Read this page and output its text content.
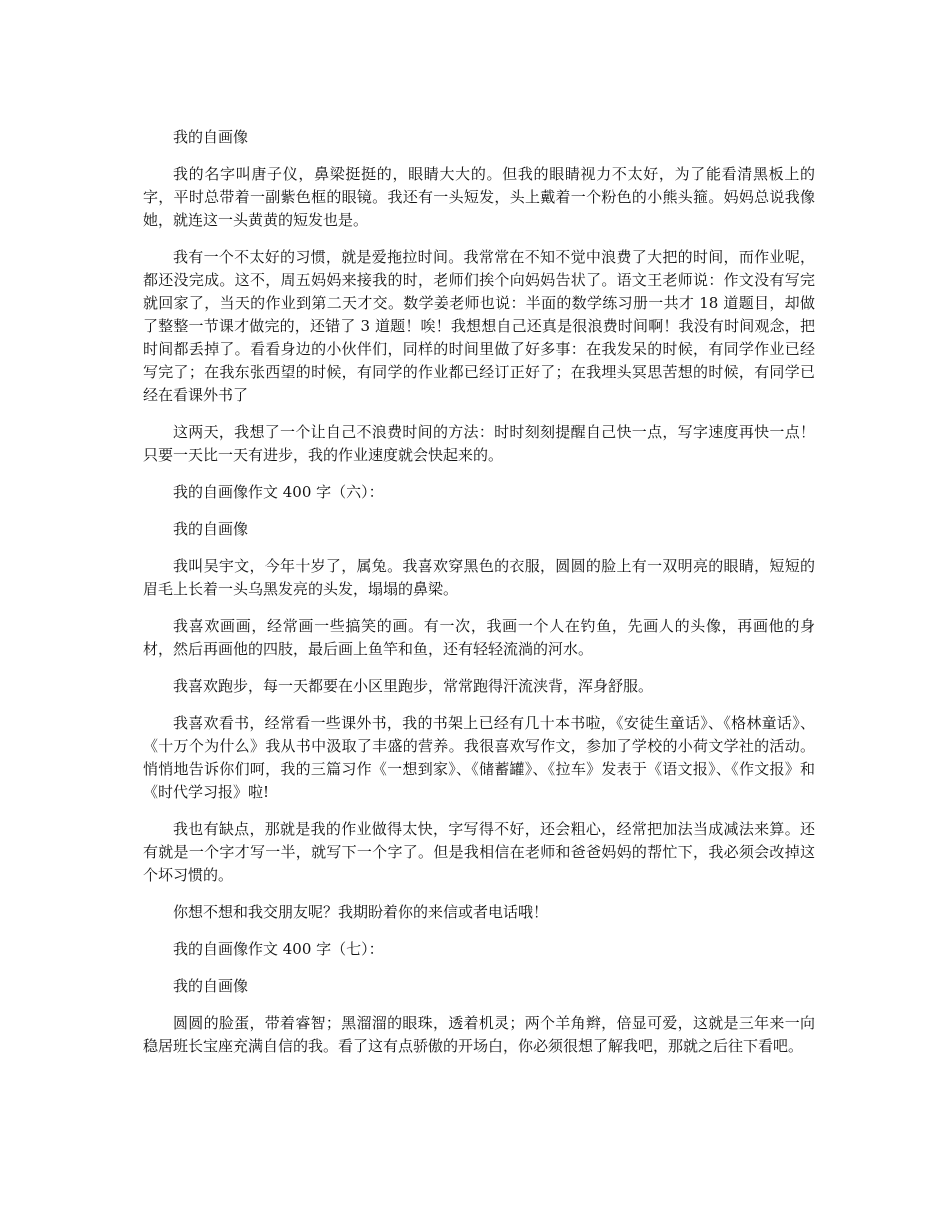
我的自画像

我的名字叫唐子仪，鼻梁挺挺的，眼睛大大的。但我的眼睛视力不太好，为了能看清黑板上的字，平时总带着一副紫色框的眼镜。我还有一头短发，头上戴着一个粉色的小熊头箍。妈妈总说我像她，就连这一头黄黄的短发也是。

我有一个不太好的习惯，就是爱拖拉时间。我常常在不知不觉中浪费了大把的时间，而作业呢，都还没完成。这不，周五妈妈来接我的时，老师们挨个向妈妈告状了。语文王老师说：作文没有写完就回家了，当天的作业到第二天才交。数学姜老师也说：半面的数学练习册一共才 18 道题目，却做了整整一节课才做完的，还错了 3 道题！唉！我想想自己还真是很浪费时间啊！我没有时间观念，把时间都丢掉了。看看身边的小伙伴们，同样的时间里做了好多事：在我发呆的时候，有同学作业已经写完了；在我东张西望的时候，有同学的作业都已经订正好了；在我埋头冥思苦想的时候，有同学已经在看课外书了

这两天，我想了一个让自己不浪费时间的方法：时时刻刻提醒自己快一点，写字速度再快一点！只要一天比一天有进步，我的作业速度就会快起来的。

我的自画像作文 400 字（六）：

我的自画像

我叫吴宇文，今年十岁了，属兔。我喜欢穿黑色的衣服，圆圆的脸上有一双明亮的眼睛，短短的眉毛上长着一头乌黑发亮的头发，塌塌的鼻梁。

我喜欢画画，经常画一些搞笑的画。有一次，我画一个人在钓鱼，先画人的头像，再画他的身材，然后再画他的四肢，最后画上鱼竿和鱼，还有轻轻流淌的河水。

我喜欢跑步，每一天都要在小区里跑步，常常跑得汗流浃背，浑身舒服。

我喜欢看书，经常看一些课外书，我的书架上已经有几十本书啦，《安徒生童话》、《格林童话》、《十万个为什么》我从书中汲取了丰盛的营养。我很喜欢写作文，参加了学校的小荷文学社的活动。悄悄地告诉你们呵，我的三篇习作《一想到家》、《储蓄罐》、《拉车》发表于《语文报》、《作文报》和《时代学习报》啦!

我也有缺点，那就是我的作业做得太快，字写得不好，还会粗心，经常把加法当成减法来算。还有就是一个字才写一半，就写下一个字了。但是我相信在老师和爸爸妈妈的帮忙下，我必须会改掉这个坏习惯的。

你想不想和我交朋友呢？我期盼着你的来信或者电话哦！

我的自画像作文 400 字（七）：

我的自画像

圆圆的脸蛋，带着睿智；黑溜溜的眼珠，透着机灵；两个羊角辫，倍显可爱，这就是三年来一向稳居班长宝座充满自信的我。看了这有点骄傲的开场白，你必须很想了解我吧，那就之后往下看吧。
